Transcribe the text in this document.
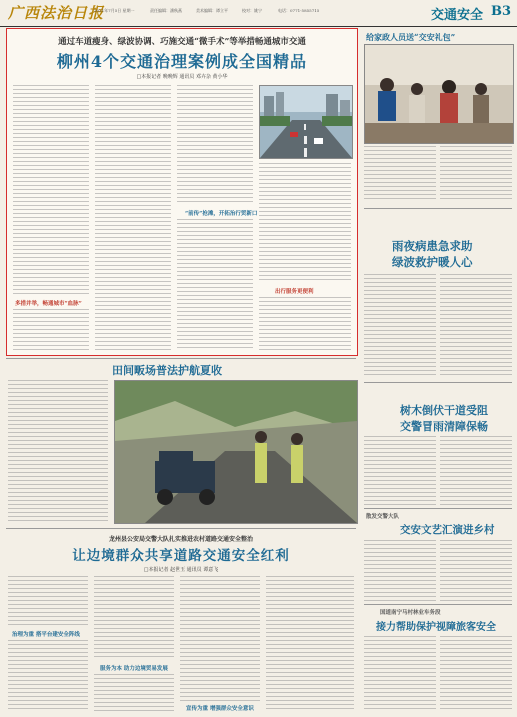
广西法治日报
2021年7月5日 星期一	责任编辑：潘秋燕	美术编辑：谭立平	校对：姚宁	电话：0771-5855715	交通安全 B3
通过车道瘦身、绿波协调、巧施交通“微手术”等举措畅通城市交通
柳州4个交通治理案例成全国精品
□本报记者 晚晚辉 通讯员 邓卉杂 黄小华
多措并举，畅通城市“血脉”
“前传”抢滩，开拓治行贸新口
出行服务更便利
给家政人员送“交安礼包”
雨夜病患急求助
绿波救护暖人心
树木倒伏干道受阻
交警冒雨清障保畅
散发交警大队
交安文艺汇演进乡村
国道南宁马村林业车务段
接力帮助保护视障旅客安全
田间畈场普法护航夏收
龙州县公安局交警大队扎实推进农村道路交通安全整治
让边境群众共享道路交通安全红利
□本报记者 赵世玉 通讯员 谭意飞
治理为重 搭平台建安全阵线
服务为本 助力边境贸易发展
宣传为重 增强群众安全意识
